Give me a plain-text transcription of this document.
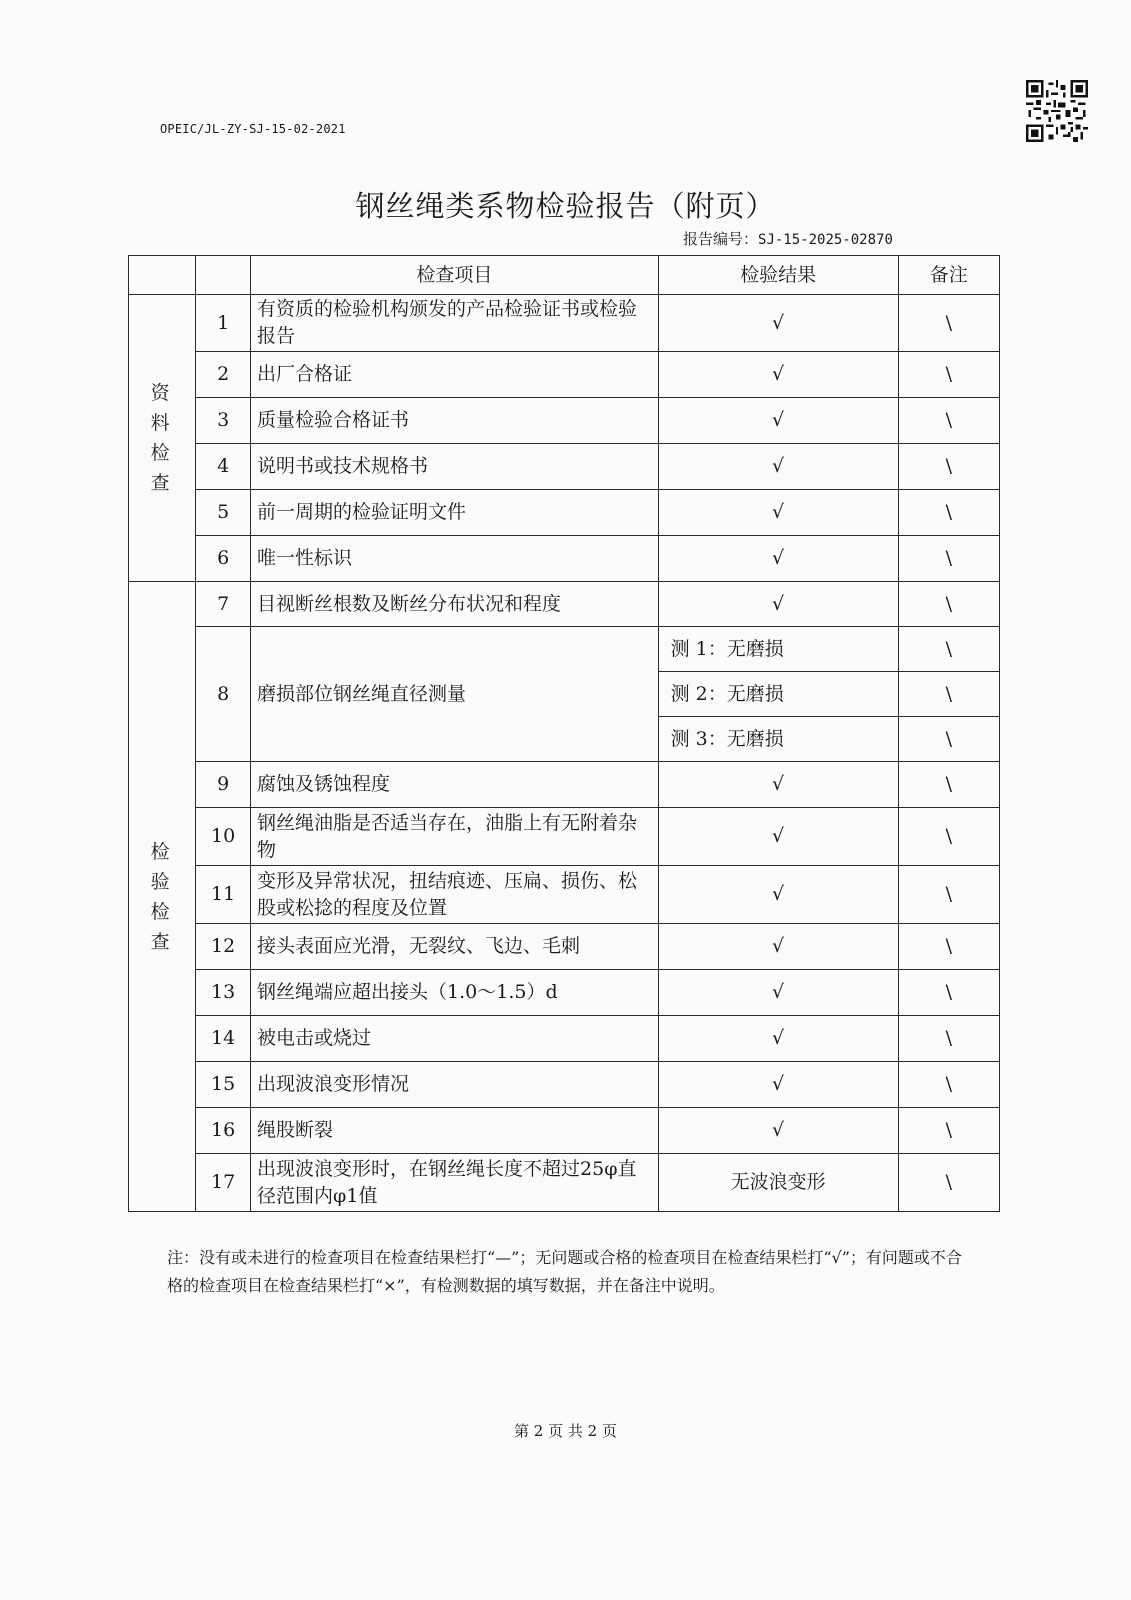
OPEIC/JL-ZY-SJ-15-02-2021
钢丝绳类系物检验报告（附页）
报告编号：SJ-15-2025-02870
		检查项目	检验结果	备注

资料检查	1	有资质的检验机构颁发的产品检验证书或检验报告	√	\
	2	出厂合格证	√	\
	3	质量检验合格证书	√	\
	4	说明书或技术规格书	√	\
	5	前一周期的检验证明文件	√	\
	6	唯一性标识	√	\

检验检查	7	目视断丝根数及断丝分布状况和程度	√	\
	8	磨损部位钢丝绳直径测量	测 1：无磨损	\
			测 2：无磨损	\
			测 3：无磨损	\
	9	腐蚀及锈蚀程度	√	\
	10	钢丝绳油脂是否适当存在，油脂上有无附着杂物	√	\
	11	变形及异常状况，扭结痕迹、压扁、损伤、松股或松捻的程度及位置	√	\
	12	接头表面应光滑，无裂纹、飞边、毛刺	√	\
	13	钢丝绳端应超出接头（1.0～1.5）d	√	\
	14	被电击或烧过	√	\
	15	出现波浪变形情况	√	\
	16	绳股断裂	√	\
	17	出现波浪变形时，在钢丝绳长度不超过25φ直径范围内φ1值	无波浪变形	\
注：没有或未进行的检查项目在检查结果栏打“—”；无问题或合格的检查项目在检查结果栏打“√”；有问题或不合格的检查项目在检查结果栏打“×”，有检测数据的填写数据，并在备注中说明。
第 2 页 共 2 页
